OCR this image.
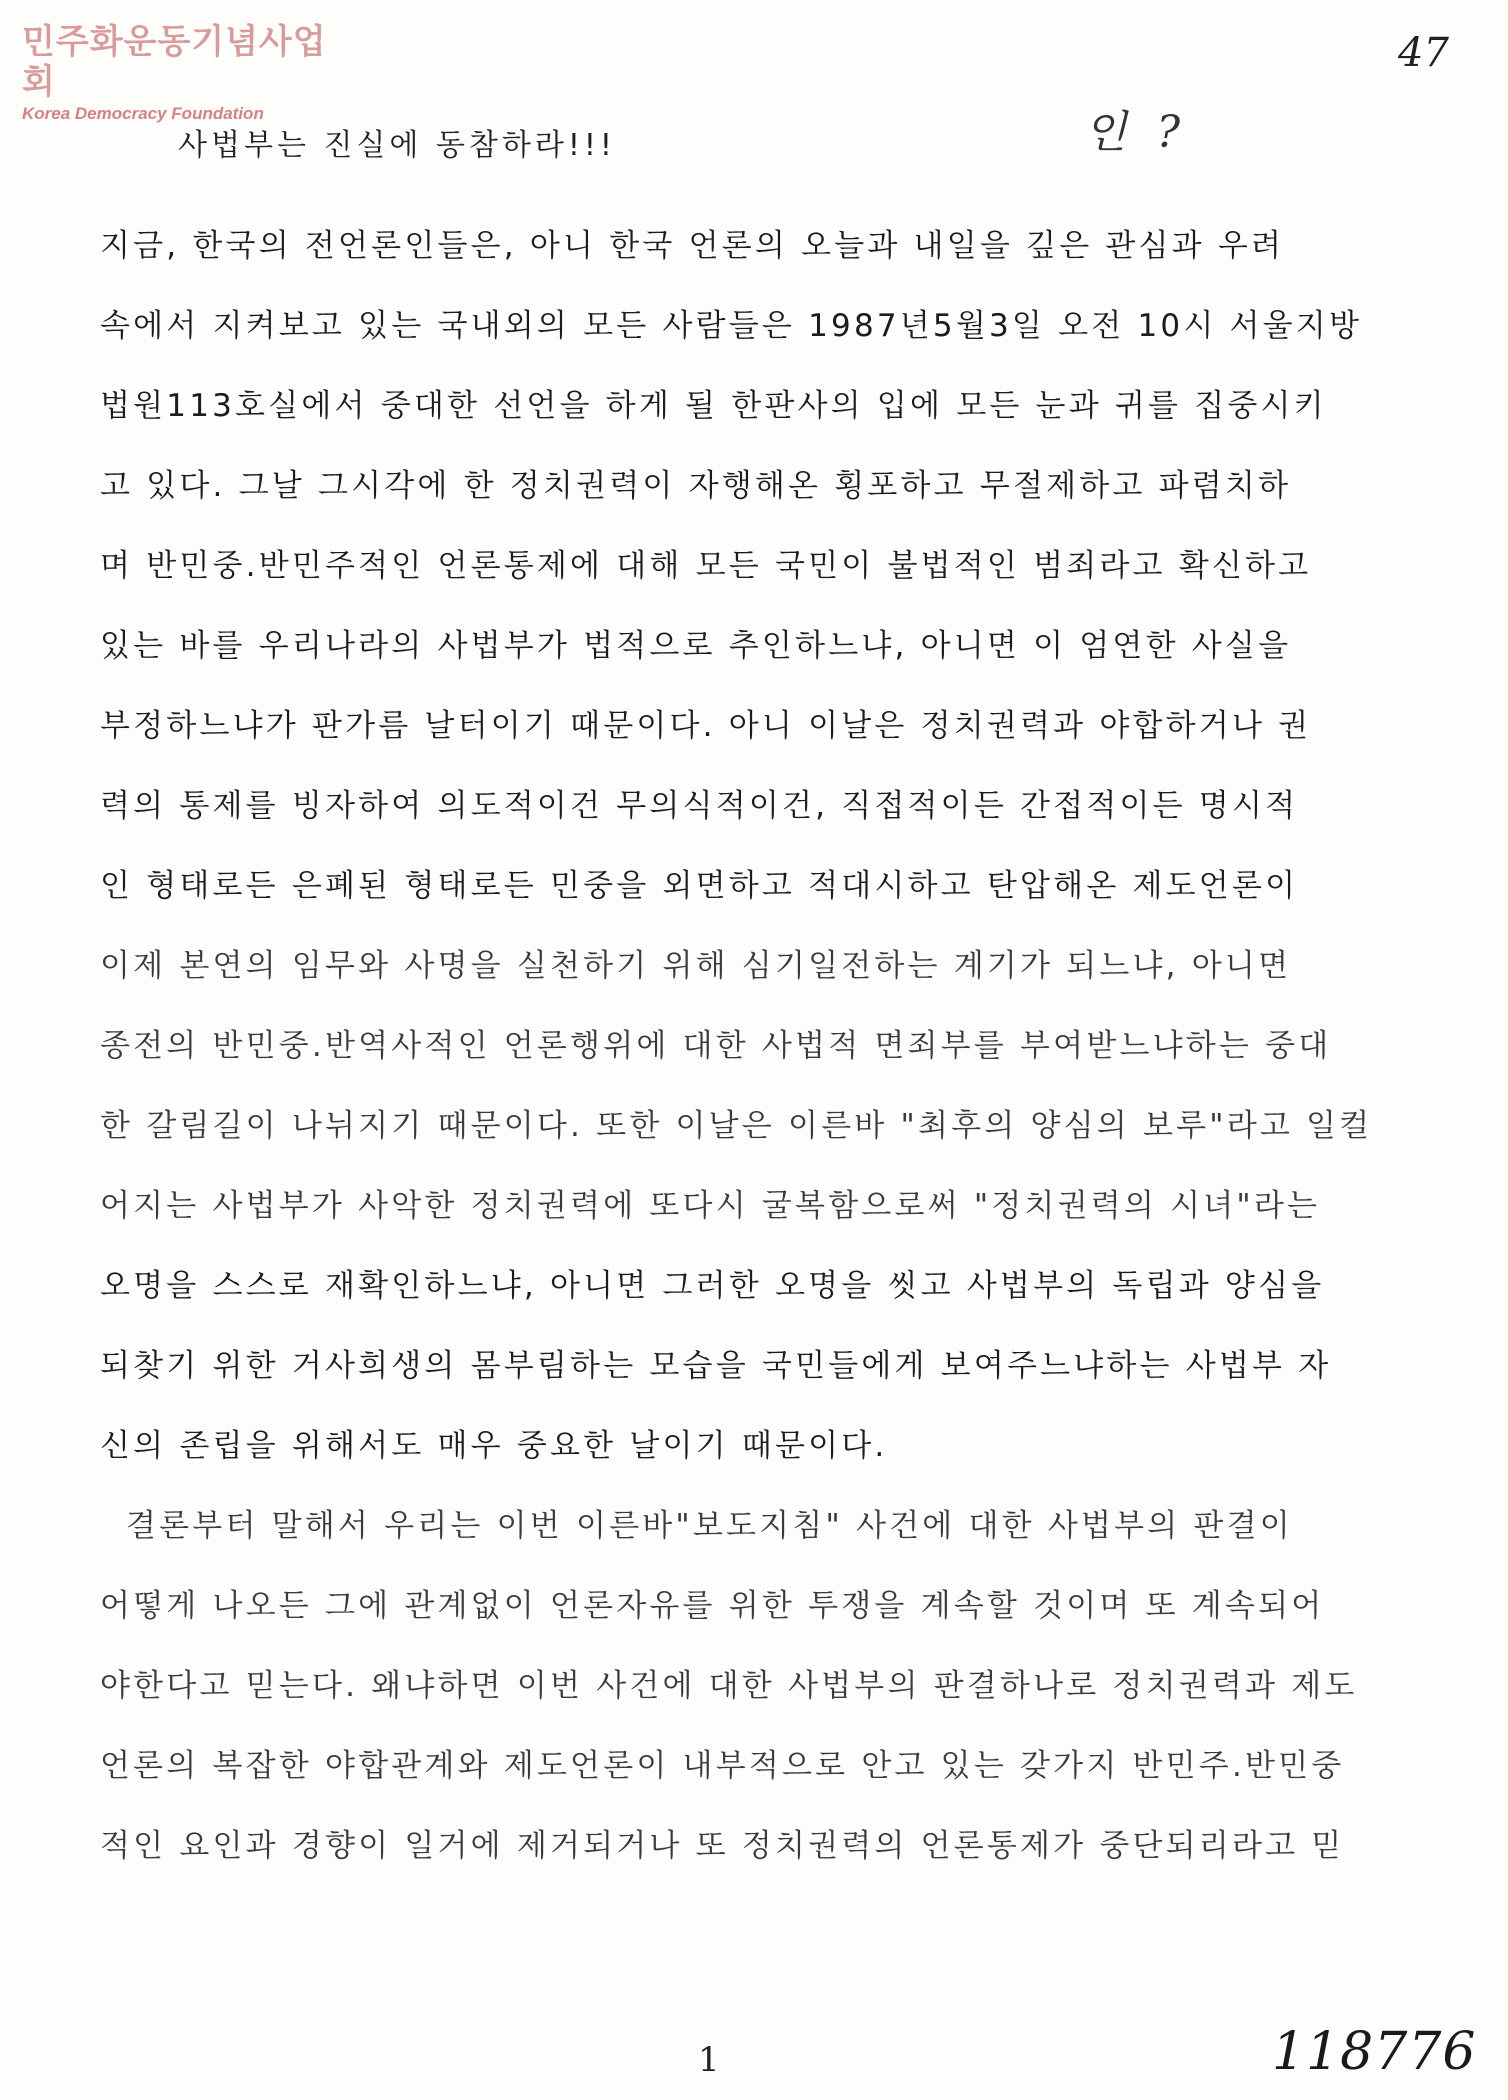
민주화운동기념사업회
Korea Democracy Foundation
47
인 ?
사법부는 진실에 동참하라!!!
지금, 한국의 전언론인들은, 아니 한국 언론의 오늘과 내일을 깊은 관심과 우려
속에서 지켜보고 있는 국내외의 모든 사람들은 1987년5월3일 오전 10시 서울지방
법원113호실에서 중대한 선언을 하게 될 한판사의 입에 모든 눈과 귀를 집중시키
고 있다. 그날 그시각에 한 정치권력이 자행해온 횡포하고 무절제하고 파렴치하
며 반민중.반민주적인 언론통제에 대해 모든 국민이 불법적인 범죄라고 확신하고
있는 바를 우리나라의 사법부가 법적으로 추인하느냐, 아니면 이 엄연한 사실을
부정하느냐가 판가름 날터이기 때문이다. 아니 이날은 정치권력과 야합하거나 권
력의 통제를 빙자하여 의도적이건 무의식적이건, 직접적이든 간접적이든 명시적
인 형태로든 은폐된 형태로든 민중을 외면하고 적대시하고 탄압해온 제도언론이
이제 본연의 임무와 사명을 실천하기 위해 심기일전하는 계기가 되느냐, 아니면
종전의 반민중.반역사적인 언론행위에 대한 사법적 면죄부를 부여받느냐하는 중대
한 갈림길이 나뉘지기 때문이다. 또한 이날은 이른바 "최후의 양심의 보루"라고 일컬
어지는 사법부가 사악한 정치권력에 또다시 굴복함으로써 "정치권력의 시녀"라는
오명을 스스로 재확인하느냐, 아니면 그러한 오명을 씻고 사법부의 독립과 양심을
되찾기 위한 거사희생의 몸부림하는 모습을 국민들에게 보여주느냐하는 사법부 자
신의 존립을 위해서도 매우 중요한 날이기 때문이다.
결론부터 말해서 우리는 이번 이른바"보도지침" 사건에 대한 사법부의 판결이
어떻게 나오든 그에 관계없이 언론자유를 위한 투쟁을 계속할 것이며 또 계속되어
야한다고 믿는다. 왜냐하면 이번 사건에 대한 사법부의 판결하나로 정치권력과 제도
언론의 복잡한 야합관계와 제도언론이 내부적으로 안고 있는 갖가지 반민주.반민중
적인 요인과 경향이 일거에 제거되거나 또 정치권력의 언론통제가 중단되리라고 믿
1	118776
